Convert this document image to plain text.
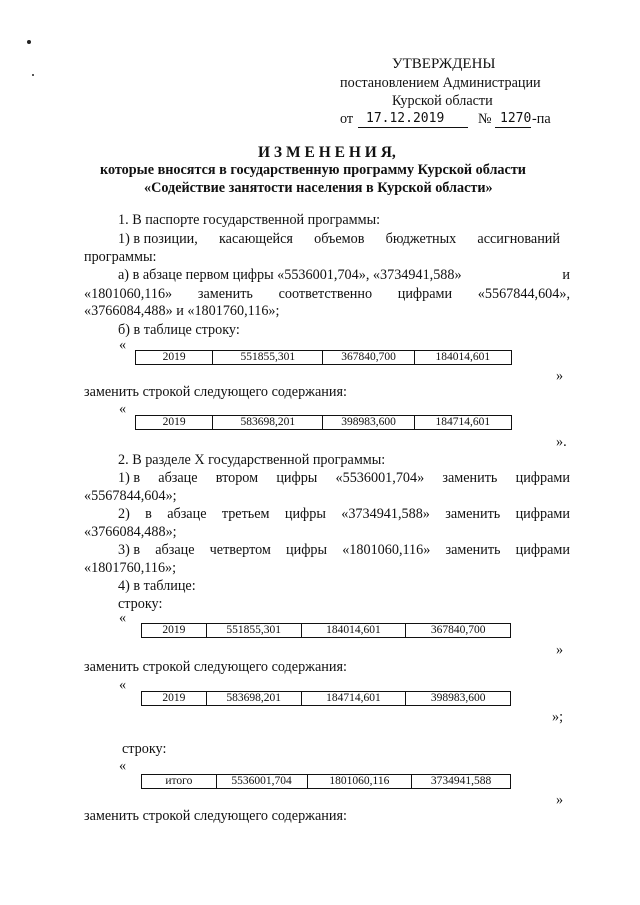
УТВЕРЖДЕНЫ
постановлением Администрации
Курской области
от 17.12.2019 № 1270 -па
И З М Е Н Е Н И Я,
которые вносятся в государственную программу Курской области
«Содействие занятости населения в Курской области»
1. В паспорте государственной программы:
1) в позиции, касающейся объемов бюджетных ассигнований
программы:
а) в абзаце первом цифры «5536001,704», «3734941,588»	и
«1801060,116» заменить соответственно цифрами «5567844,604»,
«3766084,488» и «1801760,116»;
б) в таблице строку:
«
2019	551855,301	367840,700	184014,601
»
заменить строкой следующего содержания:
«
2019	583698,201	398983,600	184714,601
».
2. В разделе X государственной программы:
1) в абзаце втором цифры «5536001,704» заменить цифрами
«5567844,604»;
2) в абзаце третьем цифры «3734941,588» заменить цифрами
«3766084,488»;
3) в абзаце четвертом цифры «1801060,116» заменить цифрами
«1801760,116»;
4) в таблице:
строку:
«
2019	551855,301	184014,601	367840,700
»
заменить строкой следующего содержания:
«
2019	583698,201	184714,601	398983,600
»;
строку:
«
итого	5536001,704	1801060,116	3734941,588
»
заменить строкой следующего содержания:
